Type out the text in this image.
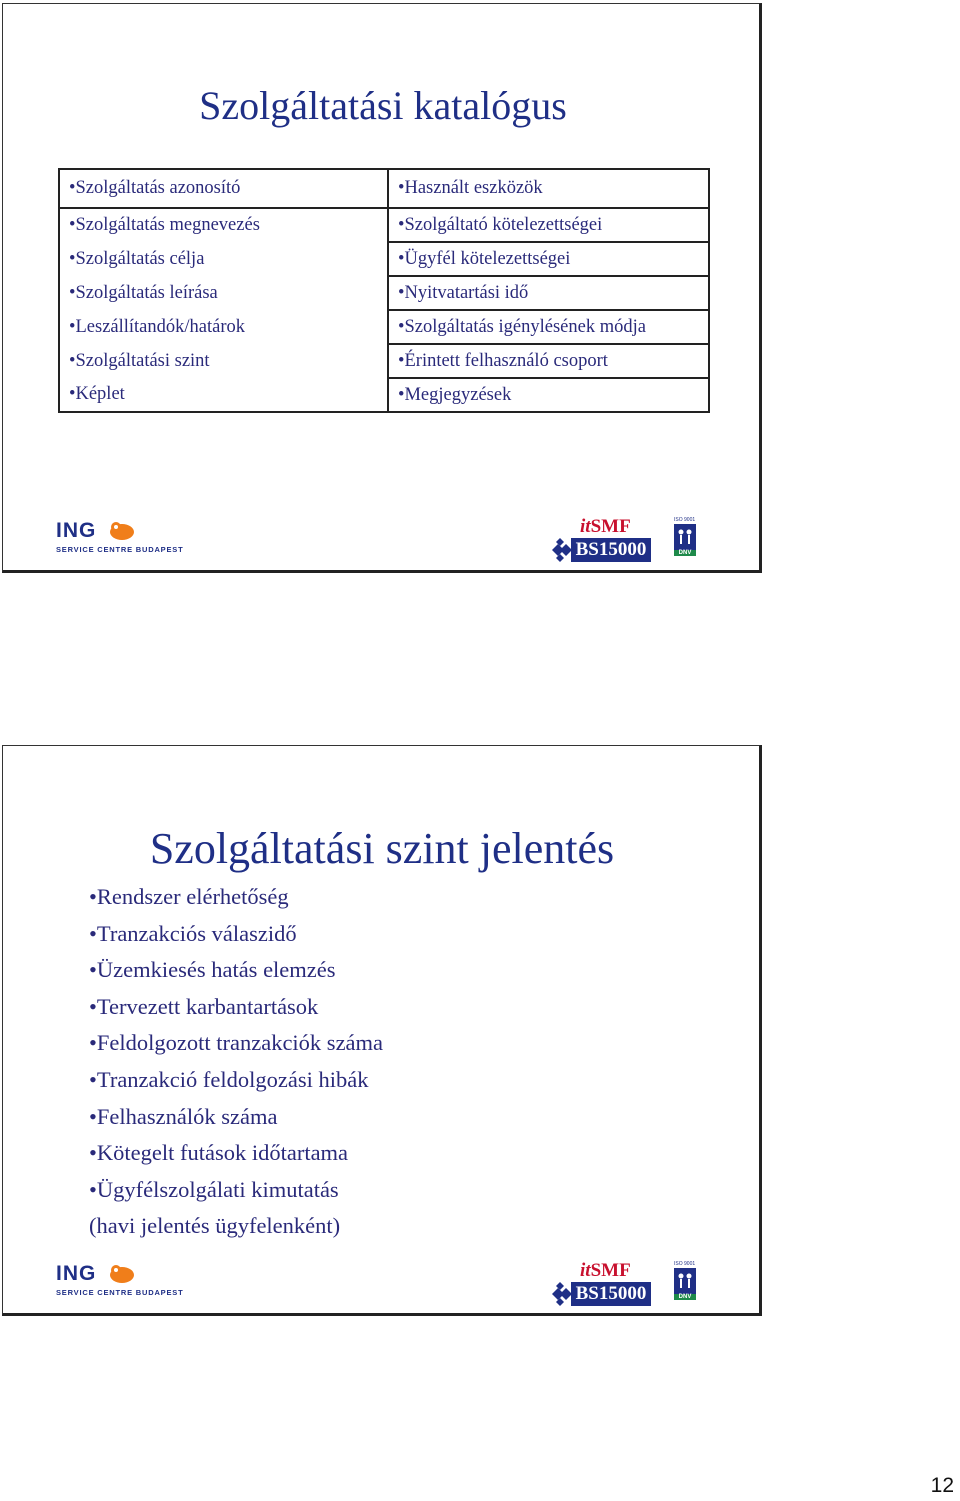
Szolgáltatási katalógus
•Szolgáltatás azonosító	•Használt eszközök
•Szolgáltatás megnevezés	•Szolgáltató kötelezettségei
•Szolgáltatás célja	•Ügyfél kötelezettségei
•Szolgáltatás leírása	•Nyitvatartási idő
•Leszállítandók/határok	•Szolgáltatás igénylésének módja
•Szolgáltatási szint	•Érintett felhasználó csoport
•Képlet	•Megjegyzések
ING
SERVICE CENTRE BUDAPEST
itSMF
BS15000
ISO 9001
DNV
Szolgáltatási szint jelentés
•Rendszer elérhetőség
•Tranzakciós válaszidő
•Üzemkiesés hatás elemzés
•Tervezett karbantartások
•Feldolgozott tranzakciók száma
•Tranzakció feldolgozási hibák
•Felhasználók száma
•Kötegelt futások időtartama
•Ügyfélszolgálati kimutatás
(havi jelentés ügyfelenként)
ING
SERVICE CENTRE BUDAPEST
itSMF
BS15000
ISO 9001
DNV
12
